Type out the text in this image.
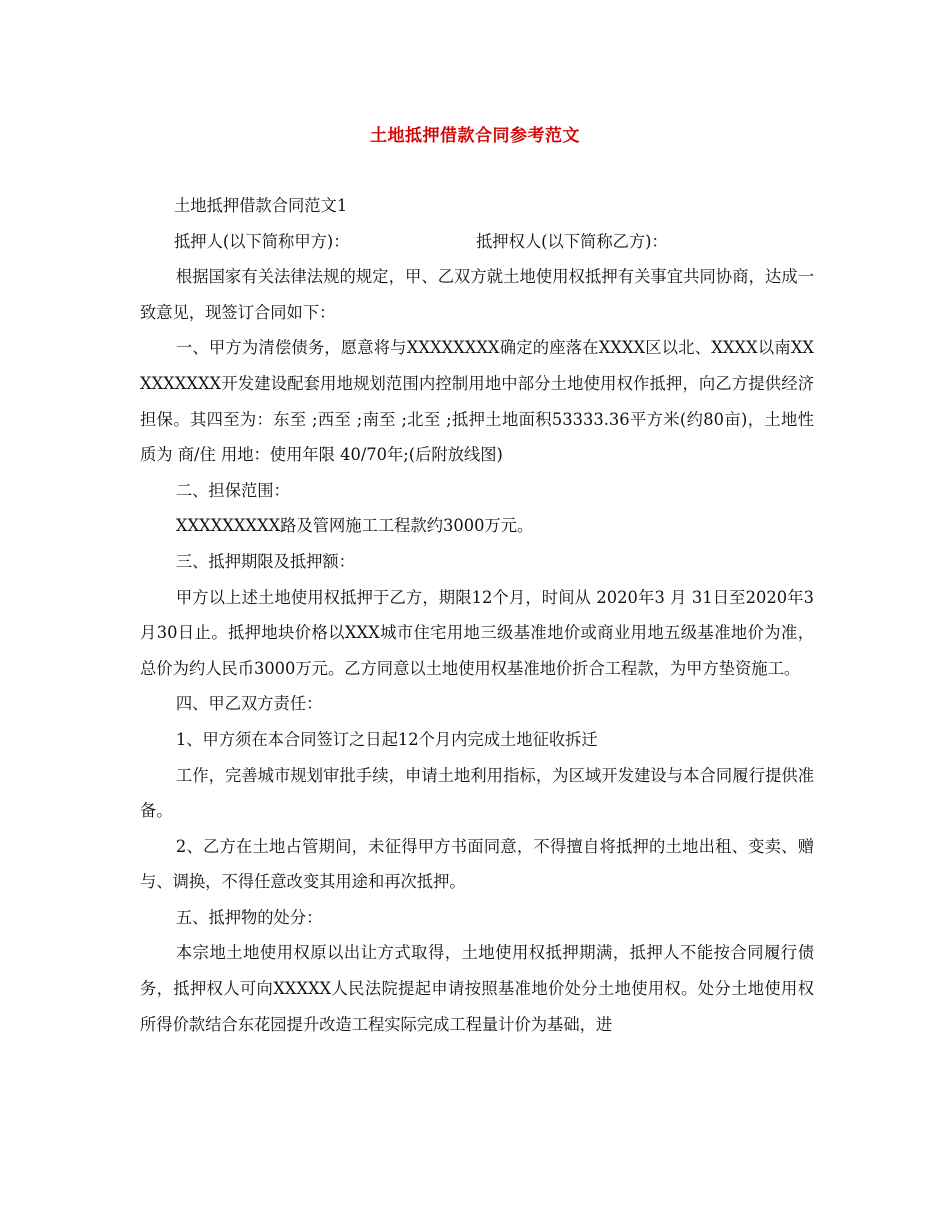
土地抵押借款合同参考范文

土地抵押借款合同范文1

抵押人(以下简称甲方)：	抵押权人(以下简称乙方)：

根据国家有关法律法规的规定，甲、乙双方就土地使用权抵押有关事宜共同协商，达成一致意见，现签订合同如下：

一、甲方为清偿债务，愿意将与XXXXXXXX确定的座落在XXXX区以北、XXXX以南XXXXXXXXX开发建设配套用地规划范围内控制用地中部分土地使用权作抵押，向乙方提供经济担保。其四至为：东至 ;西至 ;南至 ;北至 ;抵押土地面积53333.36平方米(约80亩)，土地性质为 商/住 用地：使用年限 40/70年;(后附放线图)

二、担保范围：

XXXXXXXXX路及管网施工工程款约3000万元。

三、抵押期限及抵押额：

甲方以上述土地使用权抵押于乙方，期限12个月，时间从 2020年3 月 31日至2020年3月30日止。抵押地块价格以XXX城市住宅用地三级基准地价或商业用地五级基准地价为准，总价为约人民币3000万元。乙方同意以土地使用权基准地价折合工程款，为甲方垫资施工。

四、甲乙双方责任：

1、甲方须在本合同签订之日起12个月内完成土地征收拆迁

工作，完善城市规划审批手续，申请土地利用指标，为区域开发建设与本合同履行提供准备。

2、乙方在土地占管期间，未征得甲方书面同意，不得擅自将抵押的土地出租、变卖、赠与、调换，不得任意改变其用途和再次抵押。

五、抵押物的处分：

本宗地土地使用权原以出让方式取得，土地使用权抵押期满，抵押人不能按合同履行债务，抵押权人可向XXXXX人民法院提起申请按照基准地价处分土地使用权。处分土地使用权所得价款结合东花园提升改造工程实际完成工程量计价为基础，进
